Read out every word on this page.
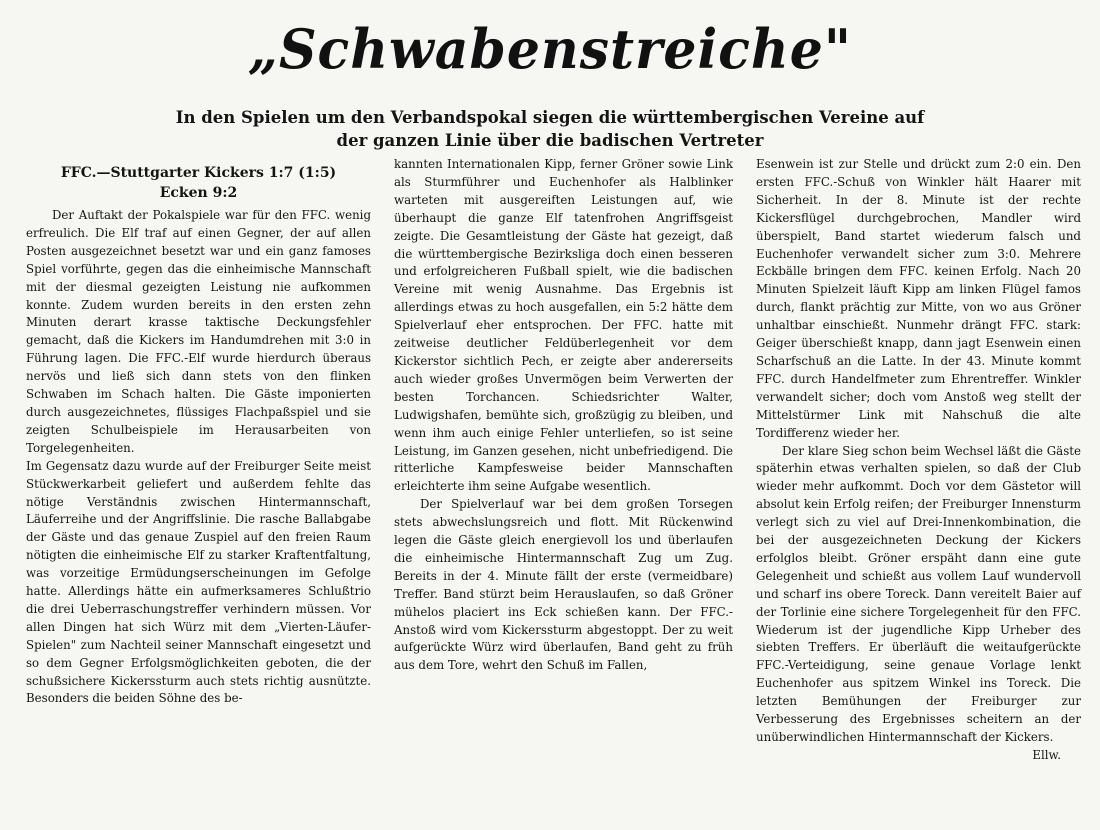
„Schwabenstreiche"
In den Spielen um den Verbandspokal siegen die württembergischen Vereine auf
der ganzen Linie über die badischen Vertreter
FFC.—Stuttgarter Kickers 1:7 (1:5)
Ecken 9:2

Der Auftakt der Pokalspiele war für den FFC. wenig erfreulich. Die Elf traf auf einen Gegner, der auf allen Posten ausgezeichnet besetzt war und ein ganz famoses Spiel vorführte, gegen das die einheimische Mannschaft mit der diesmal gezeigten Leistung nie aufkommen konnte. Zudem wurden bereits in den ersten zehn Minuten derart krasse taktische Deckungsfehler gemacht, daß die Kickers im Handumdrehen mit 3:0 in Führung lagen. Die FFC.-Elf wurde hierdurch überaus nervös und ließ sich dann stets von den flinken Schwaben im Schach halten. Die Gäste imponierten durch ausgezeichnetes, flüssiges Flachpaßspiel und sie zeigten Schulbeispiele im Herausarbeiten von Torgelegenheiten.

Im Gegensatz dazu wurde auf der Freiburger Seite meist Stückwerkarbeit geliefert und außerdem fehlte das nötige Verständnis zwischen Hintermannschaft, Läuferreihe und der Angriffslinie. Die rasche Ballabgabe der Gäste und das genaue Zuspiel auf den freien Raum nötigten die einheimische Elf zu starker Kraftentfaltung, was vorzeitige Ermüdungserscheinungen im Gefolge hatte. Allerdings hätte ein aufmerksameres Schlußtrio die drei Ueberraschungstreffer verhindern müssen. Vor allen Dingen hat sich Würz mit dem „Vierten-Läufer-Spielen" zum Nachteil seiner Mannschaft eingesetzt und so dem Gegner Erfolgsmöglichkeiten geboten, die der schußsichere Kickerssturm auch stets richtig ausnützte. Besonders die beiden Söhne des be-

kannten Internationalen Kipp, ferner Gröner sowie Link als Sturmführer und Euchenhofer als Halblinker warteten mit ausgereiften Leistungen auf, wie überhaupt die ganze Elf tatenfrohen Angriffsgeist zeigte. Die Gesamtleistung der Gäste hat gezeigt, daß die württembergische Bezirksliga doch einen besseren und erfolgreicheren Fußball spielt, wie die badischen Vereine mit wenig Ausnahme. Das Ergebnis ist allerdings etwas zu hoch ausgefallen, ein 5:2 hätte dem Spielverlauf eher entsprochen. Der FFC. hatte mit zeitweise deutlicher Feldüberlegenheit vor dem Kickerstor sichtlich Pech, er zeigte aber andererseits auch wieder großes Unvermögen beim Verwerten der besten Torchancen. Schiedsrichter Walter, Ludwigshafen, bemühte sich, großzügig zu bleiben, und wenn ihm auch einige Fehler unterliefen, so ist seine Leistung, im Ganzen gesehen, nicht unbefriedigend. Die ritterliche Kampfesweise beider Mannschaften erleichterte ihm seine Aufgabe wesentlich.

Der Spielverlauf war bei dem großen Torsegen stets abwechslungsreich und flott. Mit Rückenwind legen die Gäste gleich energievoll los und überlaufen die einheimische Hintermannschaft Zug um Zug. Bereits in der 4. Minute fällt der erste (vermeidbare) Treffer. Band stürzt beim Herauslaufen, so daß Gröner mühelos placiert ins Eck schießen kann. Der FFC.-Anstoß wird vom Kickerssturm abgestoppt. Der zu weit aufgerückte Würz wird überlaufen, Band geht zu früh aus dem Tore, wehrt den Schuß im Fallen,

Esenwein ist zur Stelle und drückt zum 2:0 ein. Den ersten FFC.-Schuß von Winkler hält Haarer mit Sicherheit. In der 8. Minute ist der rechte Kickersflügel durchgebrochen, Mandler wird überspielt, Band startet wiederum falsch und Euchenhofer verwandelt sicher zum 3:0. Mehrere Eckbälle bringen dem FFC. keinen Erfolg. Nach 20 Minuten Spielzeit läuft Kipp am linken Flügel famos durch, flankt prächtig zur Mitte, von wo aus Gröner unhaltbar einschießt. Nunmehr drängt FFC. stark: Geiger überschießt knapp, dann jagt Esenwein einen Scharfschuß an die Latte. In der 43. Minute kommt FFC. durch Handelfmeter zum Ehrentreffer. Winkler verwandelt sicher; doch vom Anstoß weg stellt der Mittelstürmer Link mit Nahschuß die alte Tordifferenz wieder her.

Der klare Sieg schon beim Wechsel läßt die Gäste späterhin etwas verhalten spielen, so daß der Club wieder mehr aufkommt. Doch vor dem Gästetor will absolut kein Erfolg reifen; der Freiburger Innensturm verlegt sich zu viel auf Drei-Innenkombination, die bei der ausgezeichneten Deckung der Kickers erfolglos bleibt. Gröner erspäht dann eine gute Gelegenheit und schießt aus vollem Lauf wundervoll und scharf ins obere Toreck. Dann vereitelt Baier auf der Torlinie eine sichere Torgelegenheit für den FFC. Wiederum ist der jugendliche Kipp Urheber des siebten Treffers. Er überläuft die weitaufgerückte FFC.-Verteidigung, seine genaue Vorlage lenkt Euchenhofer aus spitzem Winkel ins Toreck. Die letzten Bemühungen der Freiburger zur Verbesserung des Ergebnisses scheitern an der unüberwindlichen Hintermannschaft der Kickers.

Ellw.
